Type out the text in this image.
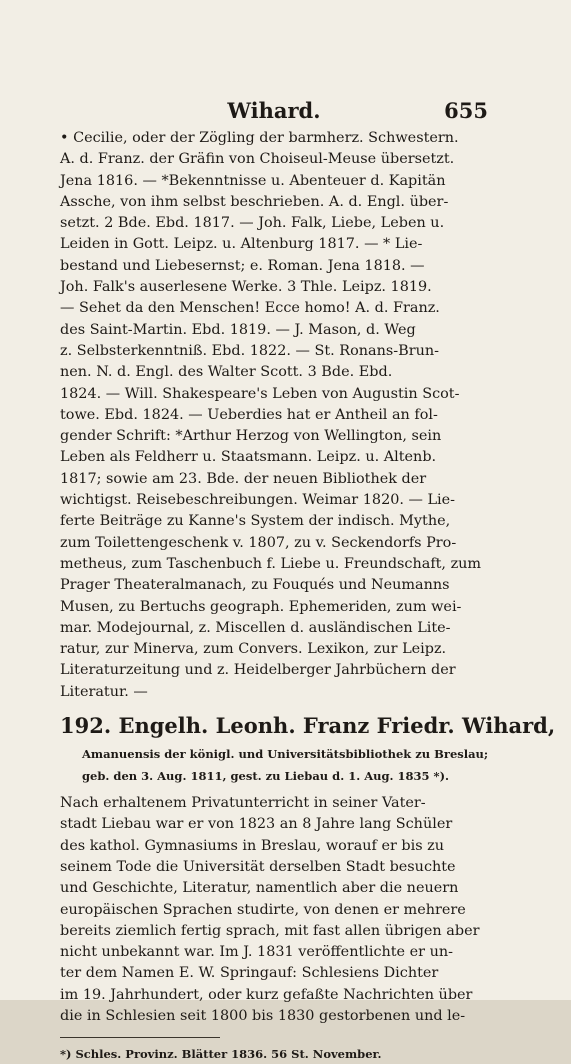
Wihard.	655
• Cecilie, oder der Zögling der barmherz. Schwestern.
A. d. Franz. der Gräfin von Choiseul-Meuse übersetzt.
Jena 1816. — *Bekenntnisse u. Abenteuer d. Kapitän
Assche, von ihm selbst beschrieben. A. d. Engl. über-
setzt. 2 Bde. Ebd. 1817. — Joh. Falk, Liebe, Leben u.
Leiden in Gott. Leipz. u. Altenburg 1817. — * Lie-
bestand und Liebesernst; e. Roman. Jena 1818. —
Joh. Falk's auserlesene Werke. 3 Thle. Leipz. 1819.
— Sehet da den Menschen! Ecce homo! A. d. Franz.
des Saint-Martin. Ebd. 1819. — J. Mason, d. Weg
z. Selbsterkenntniß. Ebd. 1822. — St. Ronans-Brun-
nen. N. d. Engl. des Walter Scott. 3 Bde. Ebd.
1824. — Will. Shakespeare's Leben von Augustin Scot-
towe. Ebd. 1824. — Ueberdies hat er Antheil an fol-
gender Schrift: *Arthur Herzog von Wellington, sein
Leben als Feldherr u. Staatsmann. Leipz. u. Altenb.
1817; sowie am 23. Bde. der neuen Bibliothek der
wichtigst. Reisebeschreibungen. Weimar 1820. — Lie-
ferte Beiträge zu Kanne's System der indisch. Mythe,
zum Toilettengeschenk v. 1807, zu v. Seckendorfs Pro-
metheus, zum Taschenbuch f. Liebe u. Freundschaft, zum
Prager Theateralmanach, zu Fouqués und Neumanns
Musen, zu Bertuchs geograph. Ephemeriden, zum wei-
mar. Modejournal, z. Miscellen d. ausländischen Lite-
ratur, zur Minerva, zum Convers. Lexikon, zur Leipz.
Literaturzeitung und z. Heidelberger Jahrbüchern der
Literatur. —
192. Engelh. Leonh. Franz Friedr. Wihard,
Amanuensis der königl. und Universitätsbibliothek zu Breslau;
geb. den 3. Aug. 1811, gest. zu Liebau d. 1. Aug. 1835 *).
Nach erhaltenem Privatunterricht in seiner Vater-
stadt Liebau war er von 1823 an 8 Jahre lang Schüler
des kathol. Gymnasiums in Breslau, worauf er bis zu
seinem Tode die Universität derselben Stadt besuchte
und Geschichte, Literatur, namentlich aber die neuern
europäischen Sprachen studirte, von denen er mehrere
bereits ziemlich fertig sprach, mit fast allen übrigen aber
nicht unbekannt war. Im J. 1831 veröffentlichte er un-
ter dem Namen E. W. Springauf: Schlesiens Dichter
im 19. Jahrhundert, oder kurz gefaßte Nachrichten über
die in Schlesien seit 1800 bis 1830 gestorbenen und le-
*) Schles. Provinz. Blätter 1836. 56 St. November.
